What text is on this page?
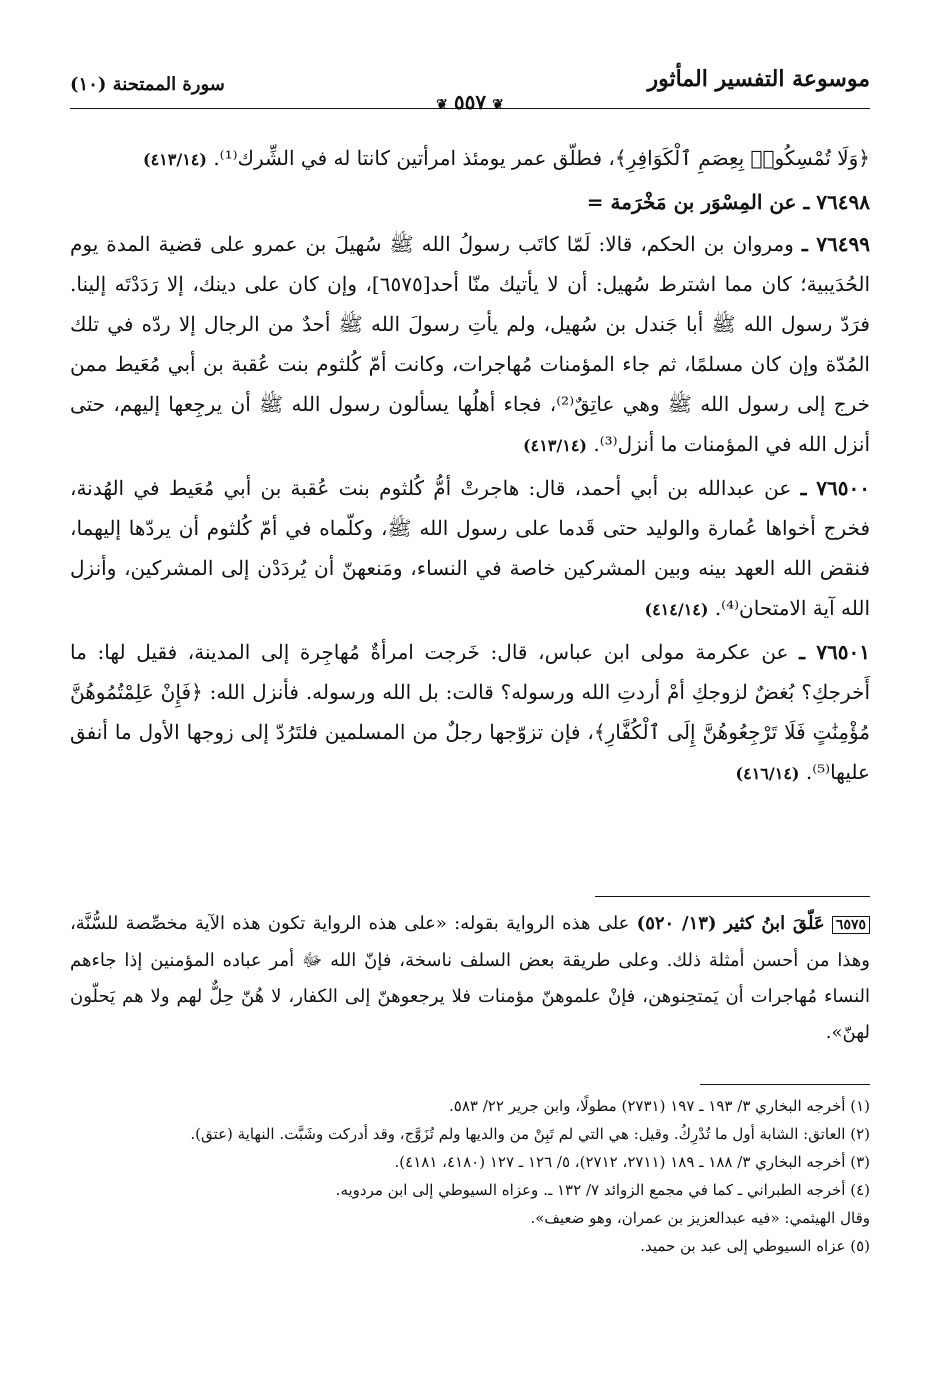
موسوعة التفسير المأثور
❦٥٥٧❦
سورة الممتحنة (١٠)

﴿وَلَا تُمْسِكُوا۟ بِعِصَمِ ٱلْكَوَافِرِ﴾، فطلّق عمر يومئذ امرأتين كانتا له في الشِّرك⁽¹⁾. (٤١٣/١٤)

٧٦٤٩٨ ـ عن المِسْوَر بن مَخْرَمة =

٧٦٤٩٩ ـ ومروان بن الحكم، قالا: لَمّا كاتَب رسولُ الله ﷺ سُهيلَ بن عمرو على قضية المدة يوم الحُدَيبية؛ كان مما اشترط سُهيل: أن لا يأتيك منّا أحد[٦٥٧٥]، وإن كان على دينك، إلا رَدَدْتَه إلينا. فرَدّ رسول الله ﷺ أبا جَندل بن سُهيل، ولم يأتِ رسولَ الله ﷺ أحدٌ من الرجال إلا ردّه في تلك المُدّة وإن كان مسلمًا، ثم جاء المؤمنات مُهاجرات، وكانت أمّ كُلثوم بنت عُقبة بن أبي مُعَيط ممن خرج إلى رسول الله ﷺ وهي عاتِقٌ⁽²⁾، فجاء أهلُها يسألون رسول الله ﷺ أن يرجِعها إليهم، حتى أنزل الله في المؤمنات ما أنزل⁽³⁾. (٤١٣/١٤)

٧٦٥٠٠ ـ عن عبدالله بن أبي أحمد، قال: هاجرتْ أمُّ كُلثوم بنت عُقبة بن أبي مُعَيط في الهُدنة، فخرج أخواها عُمارة والوليد حتى قَدما على رسول الله ﷺ، وكلّماه في أمّ كُلثوم أن يردّها إليهما، فنقض الله العهد بينه وبين المشركين خاصة في النساء، ومَنعهنّ أن يُردَدْن إلى المشركين، وأنزل الله آية الامتحان⁽⁴⁾. (٤١٤/١٤)

٧٦٥٠١ ـ عن عكرمة مولى ابن عباس، قال: خَرجت امرأةٌ مُهاجِرة إلى المدينة، فقيل لها: ما أَخرجكِ؟ بُغضٌ لزوجكِ أمْ أردتِ الله ورسوله؟ قالت: بل الله ورسوله. فأنزل الله: ﴿فَإِنْ عَلِمْتُمُوهُنَّ مُؤْمِنَٰتٍ فَلَا تَرْجِعُوهُنَّ إِلَى ٱلْكُفَّارِ﴾، فإن تزوّجها رجلٌ من المسلمين فلتَرُدّ إلى زوجها الأول ما أنفق عليها⁽⁵⁾. (٤١٦/١٤)

٦٥٧٥ عَلّقَ ابنُ كثير (١٣/ ٥٢٠) على هذه الرواية بقوله: «على هذه الرواية تكون هذه الآية مخصِّصة للسُّنَّة، وهذا من أحسن أمثلة ذلك. وعلى طريقة بعض السلف ناسخة، فإنّ الله ﷻ أمر عباده المؤمنين إذا جاءهم النساء مُهاجرات أن يَمتحِنوهن، فإنْ علموهنّ مؤمنات فلا يرجعوهنّ إلى الكفار، لا هُنّ حِلٌّ لهم ولا هم يَحلّون لهنّ».

(١) أخرجه البخاري ٣/ ١٩٣ ـ ١٩٧ (٢٧٣١) مطولًا، وابن جرير ٢٢/ ٥٨٣.

(٢) العاتق: الشابة أول ما تُدْرِكُ. وقيل: هي التي لم تَبِنْ من والديها ولم تُزَوَّج، وقد أدركت وشَبَّت. النهاية (عتق).

(٣) أخرجه البخاري ٣/ ١٨٨ ـ ١٨٩ (٢٧١١، ٢٧١٢)، ٥/ ١٢٦ ـ ١٢٧ (٤١٨٠، ٤١٨١).

(٤) أخرجه الطبراني ـ كما في مجمع الزوائد ٧/ ١٣٢ ـ. وعزاه السيوطي إلى ابن مردويه.

وقال الهيثمي: «فيه عبدالعزيز بن عمران، وهو ضعيف».

(٥) عزاه السيوطي إلى عبد بن حميد.
